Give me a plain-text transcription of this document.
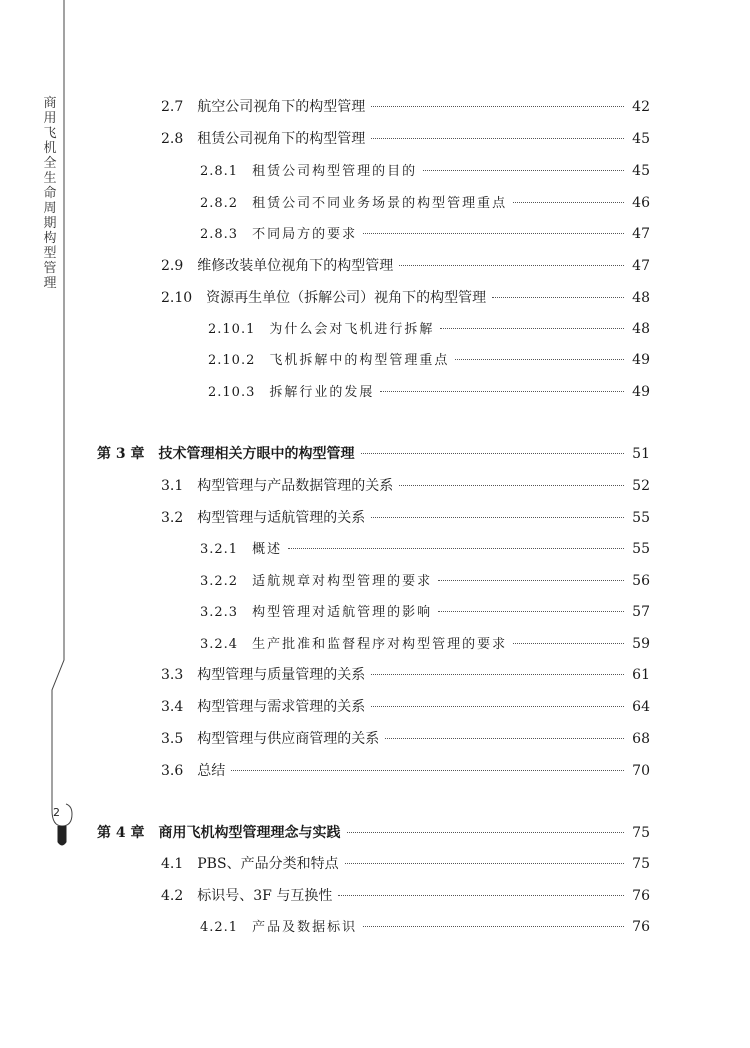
商用飞机全生命周期构型管理
2
2.7 航空公司视角下的构型管理	42
2.8 租赁公司视角下的构型管理	45
2.8.1 租赁公司构型管理的目的	45
2.8.2 租赁公司不同业务场景的构型管理重点	46
2.8.3 不同局方的要求	47
2.9 维修改装单位视角下的构型管理	47
2.10 资源再生单位（拆解公司）视角下的构型管理	48
2.10.1 为什么会对飞机进行拆解	48
2.10.2 飞机拆解中的构型管理重点	49
2.10.3 拆解行业的发展	49
第 3 章 技术管理相关方眼中的构型管理	51
3.1 构型管理与产品数据管理的关系	52
3.2 构型管理与适航管理的关系	55
3.2.1 概述	55
3.2.2 适航规章对构型管理的要求	56
3.2.3 构型管理对适航管理的影响	57
3.2.4 生产批准和监督程序对构型管理的要求	59
3.3 构型管理与质量管理的关系	61
3.4 构型管理与需求管理的关系	64
3.5 构型管理与供应商管理的关系	68
3.6 总结	70
第 4 章 商用飞机构型管理理念与实践	75
4.1 PBS、产品分类和特点	75
4.2 标识号、3F 与互换性	76
4.2.1 产品及数据标识	76
